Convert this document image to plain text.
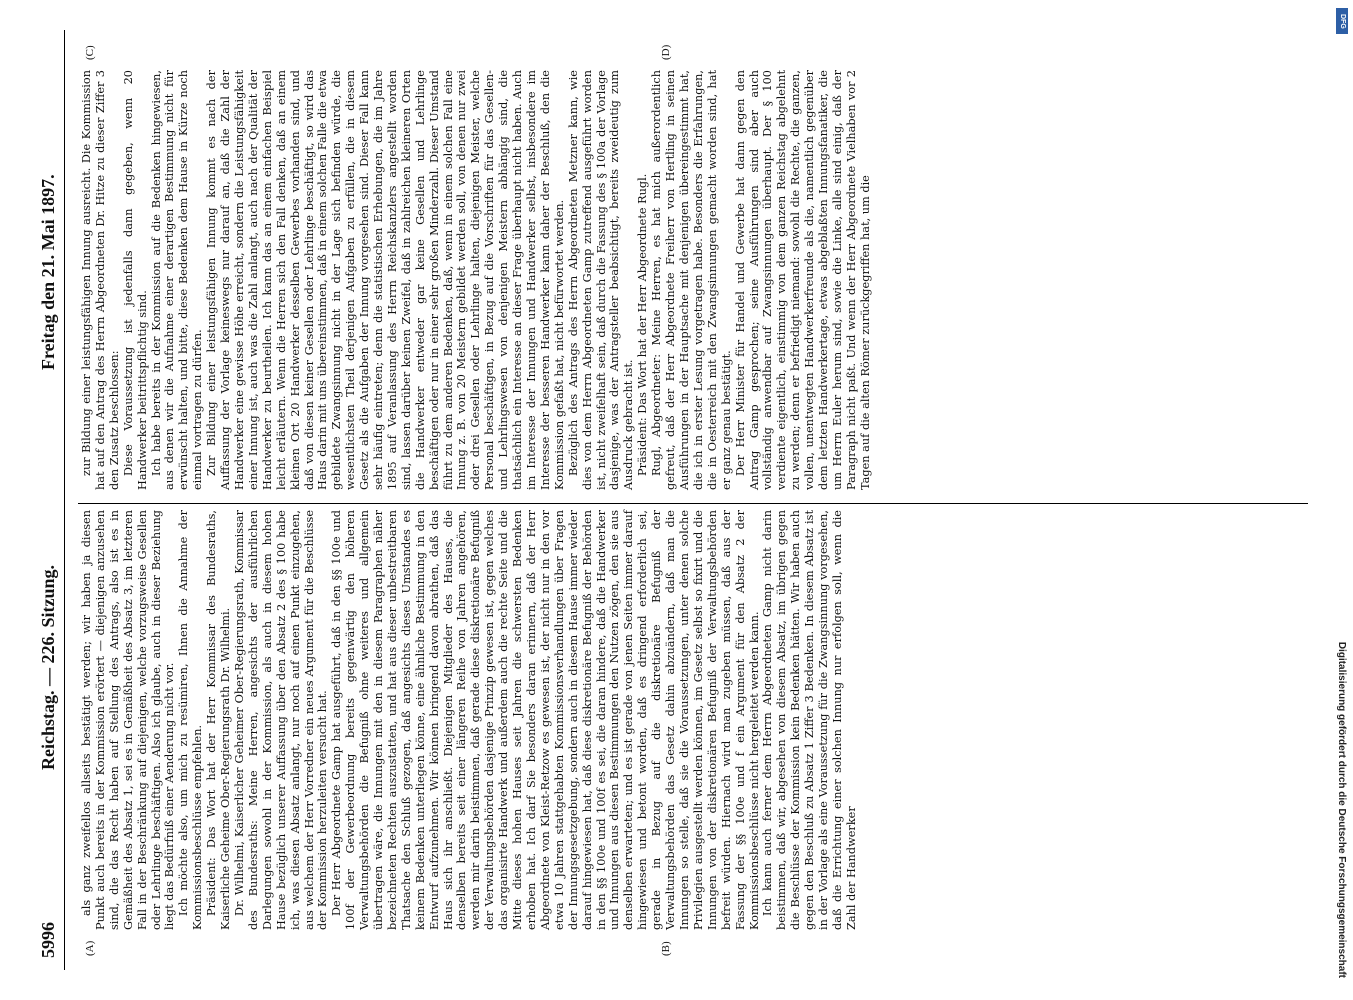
5996
Reichstag. — 226. Sitzung.
Freitag den 21. Mai 1897.
(A)	(B)
(C)	(D)

als ganz zweifellos allseits bestätigt werden; wir haben ja diesen Punkt auch bereits in der Kommission erörtert — diejenigen anzusehen sind, die das Recht haben auf Stellung des Antrags, also ist es in Gemäßheit des Absatz 1, sei es in Gemäßheit des Absatz 3, im letzteren Fall in der Beschränkung auf diejenigen, welche vorzugsweise Gesellen oder Lehrlinge beschäftigen. Also ich glaube, auch in dieser Beziehung liegt das Bedürfniß einer Aenderung nicht vor. Ich möchte also, um mich zu resümiren, Ihnen die Annahme der Kommissionsbeschlüsse empfehlen. Präsident: Das Wort hat der Herr Kommissar des Bundesraths, Kaiserliche Geheime Ober-Regierungsrath Dr. Wilhelmi. Dr. Wilhelmi, Kaiserlicher Geheimer Ober-Regierungsrath, Kommissar des Bundesraths: Meine Herren, angesichts der ausführlichen Darlegungen sowohl in der Kommission, als auch in diesem hohen Hause bezüglich unserer Auffassung über den Absatz 2 des § 100 habe ich, was diesen Absatz anlangt, nur noch auf einen Punkt einzugehen, aus welchem der Herr Vorredner ein neues Argument für die Beschlüsse der Kommission herzuleiten versucht hat. Der Herr Abgeordnete Gamp hat ausgeführt, daß in den §§ 100e und 100f der Gewerbeordnung bereits gegenwärtig den höheren Verwaltungsbehörden die Befugniß ohne weiteres und allgemein übertragen wäre, die Innungen mit den in diesem Paragraphen näher bezeichneten Rechten auszustatten, und hat aus dieser unbestreitbaren Thatsache den Schluß gezogen, daß angesichts dieses Umstandes es keinem Bedenken unterliegen könne, eine ähnliche Bestimmung in den Entwurf aufzunehmen. Wir können bringend davon abrathen, daß das Haus sich ihr anschließt. Diejenigen Mitglieder des Hauses, die denselben bereits seit einer längeren Reihe von Jahren angehören, werden mir darin beistimmen, daß gerade diese diskretionäre Befugniß der Verwaltungsbehörden dasjenige Prinzip gewesen ist, gegen welches das organisirte Handwerk und außerdem auch die rechte Seite und die Mitte dieses hohen Hauses seit Jahren die schwersten Bedenken erhoben hat. Ich darf Sie besonders daran erinnern, daß der Herr Abgeordnete von Kleist-Retzow es gewesen ist, der nicht nur in den vor etwa 10 Jahren stattgehabten Kommissionsverhandlungen über Fragen der Innungsgesetzgebung, sondern auch in diesem Hause immer wieder darauf hingewiesen hat, daß diese diskretionäre Befugniß der Behörden in den §§ 100e und 100f es sei, die daran hindere, daß die Handwerker und Innungen aus diesen Bestimmungen den Nutzen zögen, den sie aus denselben erwarteten; und es ist gerade von jenen Seiten immer darauf hingewiesen und betont worden, daß es dringend erforderlich sei, gerade in Bezug auf die diskretionäre Befugniß der Verwaltungsbehörden das Gesetz dahin abzuändern, daß man die Innungen so stelle, daß sie die Voraussetzungen, unter denen solche Privilegien ausgestellt werden können, im Gesetz selbst so fixirt und die Innungen von der diskretionären Befugniß der Verwaltungsbehörden befreit würden. Hiernach wird man zugeben müssen, daß aus der Fassung der §§ 100e und f ein Argument für den Absatz 2 der Kommissionsbeschlüsse nicht hergeleitet werden kann. Ich kann auch ferner dem Herrn Abgeordneten Gamp nicht darin beistimmen, daß wir, abgesehen von diesem Absatz, im übrigen gegen die Beschlüsse der Kommission kein Bedenken hätten. Wir haben auch gegen den Beschluß zu Absatz 1 Ziffer 3 Bedenken. In diesem Absatz ist in der Vorlage als eine Voraussetzung für die Zwangsinnung vorgesehen, daß die Errichtung einer solchen Innung nur erfolgen soll, wenn die Zahl der Handwerker

zur Bildung einer leistungsfähigen Innung ausreicht. Die Kommission hat auf den Antrag des Herrn Abgeordneten Dr. Hitze zu dieser Ziffer 3 den Zusatz beschlossen: Diese Voraussetzung ist jedenfalls dann gegeben, wenn 20 Handwerker beitrittspflichtig sind. Ich habe bereits in der Kommission auf die Bedenken hingewiesen, aus denen wir die Aufnahme einer derartigen Bestimmung nicht für erwünscht halten, und bitte, diese Bedenken dem Hause in Kürze noch einmal vortragen zu dürfen. Zur Bildung einer leistungsfähigen Innung kommt es nach der Auffassung der Vorlage keineswegs nur darauf an, daß die Zahl der Handwerker eine gewisse Höhe erreicht, sondern die Leistungsfähigkeit einer Innung ist, auch was die Zahl anlangt, auch nach der Qualität der Handwerker zu beurtheilen. Ich kann das an einem einfachen Beispiel leicht erläutern. Wenn die Herren sich den Fall denken, daß an einem kleinen Ort 20 Handwerker desselben Gewerbes vorhanden sind, und daß von diesen keiner Gesellen oder Lehrlinge beschäftigt, so wird das Haus darin mit uns übereinstimmen, daß in einem solchen Falle die etwa gebildete Zwangsinnung nicht in der Lage sich befinden würde, die wesentlichsten Theil derjenigen Aufgaben zu erfüllen, die in diesem Gesetz als die Aufgaben der Innung vorgesehen sind. Dieser Fall kann sehr häufig eintreten; denn die statistischen Erhebungen, die im Jahre 1895 auf Veranlassung des Herrn Reichskanzlers angestellt worden sind, lassen darüber keinen Zweifel, daß in zahlreichen kleineren Orten die Handwerker entweder gar keine Gesellen und Lehrlinge beschäftigen oder nur in einer sehr großen Minderzahl. Dieser Umstand führt zu dem anderen Bedenken, daß, wenn in einem solchen Fall eine Innung z. B. von 20 Meistern gebildet werden soll, von denen nur zwei oder drei Gesellen oder Lehrlinge halten, diejenigen Meister, welche Personal beschäftigen, in Bezug auf die Vorschriften für das Gesellen- und Lehrlingswesen von denjenigen Meistern abhängig sind, die thatsächlich ein Interesse an dieser Frage überhaupt nicht haben. Auch im Interesse der Innungen und Handwerker selbst, insbesondere im Interesse der besseren Handwerker kann daher der Beschluß, den die Kommission gefaßt hat, nicht befürwortet werden. Bezüglich des Antrags des Herrn Abgeordneten Metzner kann, wie dies von dem Herrn Abgeordneten Gamp zutreffend ausgeführt worden ist, nicht zweifelhaft sein, daß durch die Fassung des § 100a der Vorlage dasjenige, was der Antragsteller beabsichtigt, bereits zweideutig zum Ausdruck gebracht ist. Präsident: Das Wort hat der Herr Abgeordnete Rugl. Rugl, Abgeordneter: Meine Herren, es hat mich außerordentlich gefreut, daß der Herr Abgeordnete Freiherr von Hertling in seinen Ausführungen in der Hauptsache mit denjenigen übereingestimmt hat, die ich in erster Lesung vorgetragen habe. Besonders die Erfahrungen, die in Oesterreich mit den Zwangsinnungen gemacht worden sind, hat er ganz genau bestätigt. Der Herr Minister für Handel und Gewerbe hat dann gegen den Antrag Gamp gesprochen; seine Ausführungen sind aber auch vollständig anwendbar auf Zwangsinnungen überhaupt. Der § 100 verdiente eigentlich, einstimmig von dem ganzen Reichstag abgelehnt zu werden; denn er befriedigt niemand: sowohl die Rechte, die ganzen, vollen, unentwegten Handwerkerfreunde als die, namentlich gegenüber dem letzten Handwerkertage, etwas abgeblaßten Innungsfanatiker, die um Herrn Euler herum sind, sowie die Linke, alle sind einig, daß der Paragraph nicht paßt. Und wenn der Herr Abgeordnete Vielhaben vor 2 Tagen auf die alten Römer zurückgegriffen hat, um die

DFG
Digitalisierung gefördert durch die Deutsche Forschungsgemeinschaft
